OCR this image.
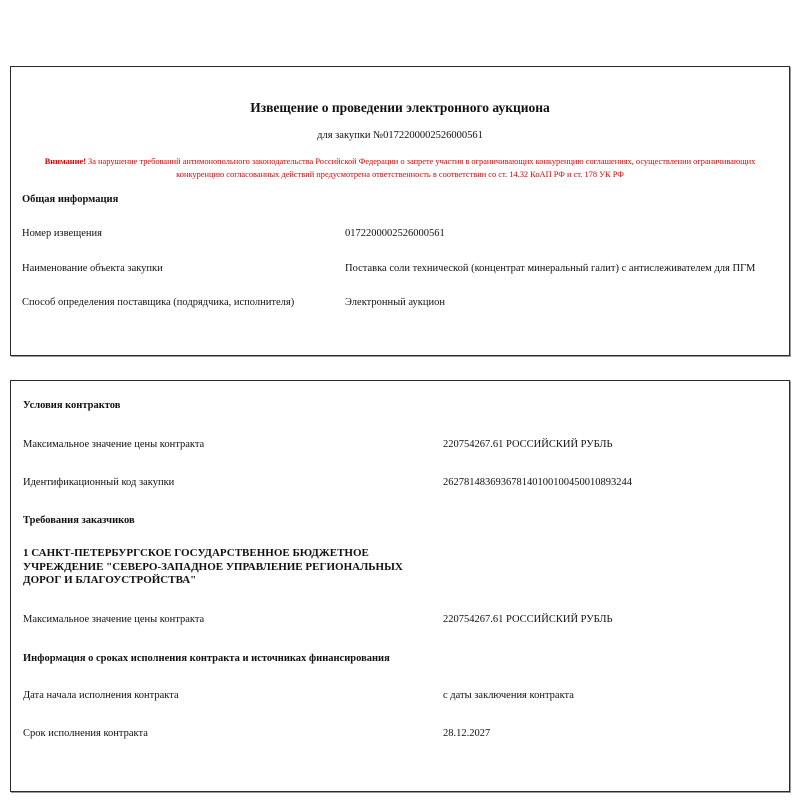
Извещение о проведении электронного аукциона
для закупки №0172200002526000561
Внимание! За нарушение требований антимонопольного законодательства Российской Федерации о запрете участия в ограничивающих конкуренцию соглашениях, осуществлении ограничивающих конкуренцию согласованных действий предусмотрена ответственность в соответствии со ст. 14.32 КоАП РФ и ст. 178 УК РФ
Общая информация
Номер извещения	0172200002526000561
Наименование объекта закупки	Поставка соли технической (концентрат минеральный галит) с антислеживателем для ПГМ
Способ определения поставщика (подрядчика, исполнителя)	Электронный аукцион
Условия контрактов
Максимальное значение цены контракта	220754267.61 РОССИЙСКИЙ РУБЛЬ
Идентификационный код закупки	262781483693678140100100450010893244
Требования заказчиков
1 САНКТ-ПЕТЕРБУРГСКОЕ ГОСУДАРСТВЕННОЕ БЮДЖЕТНОЕ УЧРЕЖДЕНИЕ "СЕВЕРО-ЗАПАДНОЕ УПРАВЛЕНИЕ РЕГИОНАЛЬНЫХ ДОРОГ И БЛАГОУСТРОЙСТВА"
Максимальное значение цены контракта	220754267.61 РОССИЙСКИЙ РУБЛЬ
Информация о сроках исполнения контракта и источниках финансирования
Дата начала исполнения контракта	с даты заключения контракта
Срок исполнения контракта	28.12.2027
